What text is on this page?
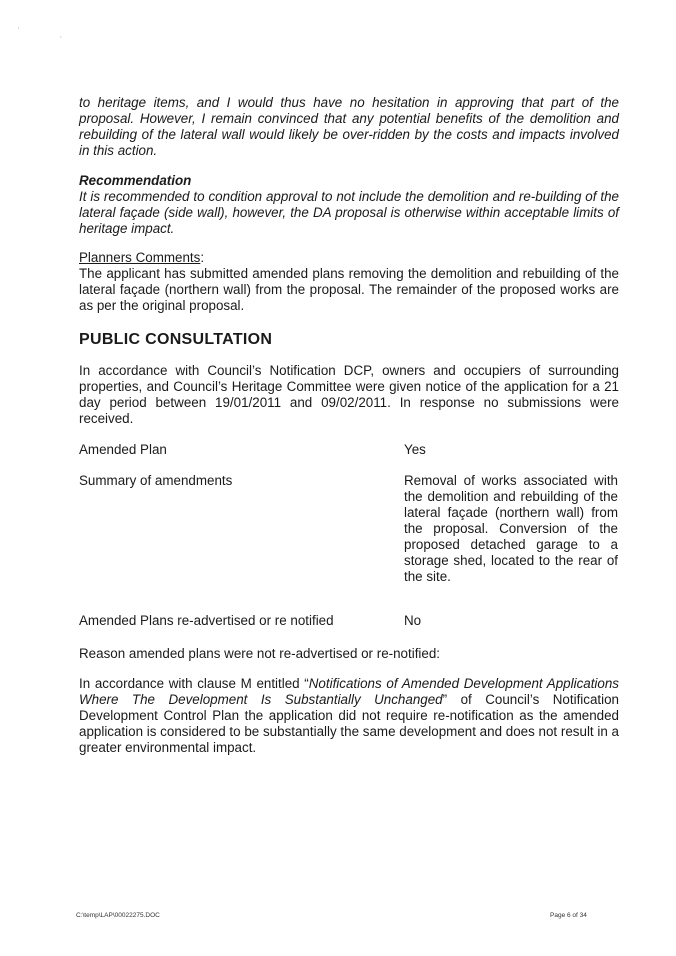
'
,

to heritage items, and I would thus have no hesitation in approving that part of the proposal. However, I remain convinced that any potential benefits of the demolition and rebuilding of the lateral wall would likely be over-ridden by the costs and impacts involved in this action.

Recommendation

It is recommended to condition approval to not include the demolition and re-building of the lateral façade (side wall), however, the DA proposal is otherwise within acceptable limits of heritage impact.

Planners Comments:

The applicant has submitted amended plans removing the demolition and rebuilding of the lateral façade (northern wall) from the proposal. The remainder of the proposed works are as per the original proposal.

PUBLIC CONSULTATION

In accordance with Council’s Notification DCP, owners and occupiers of surrounding properties, and Council’s Heritage Committee were given notice of the application for a 21 day period between 19/01/2011 and 09/02/2011. In response no submissions were received.

Amended Plan	Yes
Summary of amendments	Removal of works associated with the demolition and rebuilding of the lateral façade (northern wall) from the proposal. Conversion of the proposed detached garage to a storage shed, located to the rear of the site.
Amended Plans re-advertised or re notified	No
Reason amended plans were not re-advertised or re-notified:

In accordance with clause M entitled “Notifications of Amended Development Applications Where The Development Is Substantially Unchanged” of Council’s Notification Development Control Plan the application did not require re-notification as the amended application is considered to be substantially the same development and does not result in a greater environmental impact.

C:\temp\LAP\00022275.DOC	Page 6 of 34
